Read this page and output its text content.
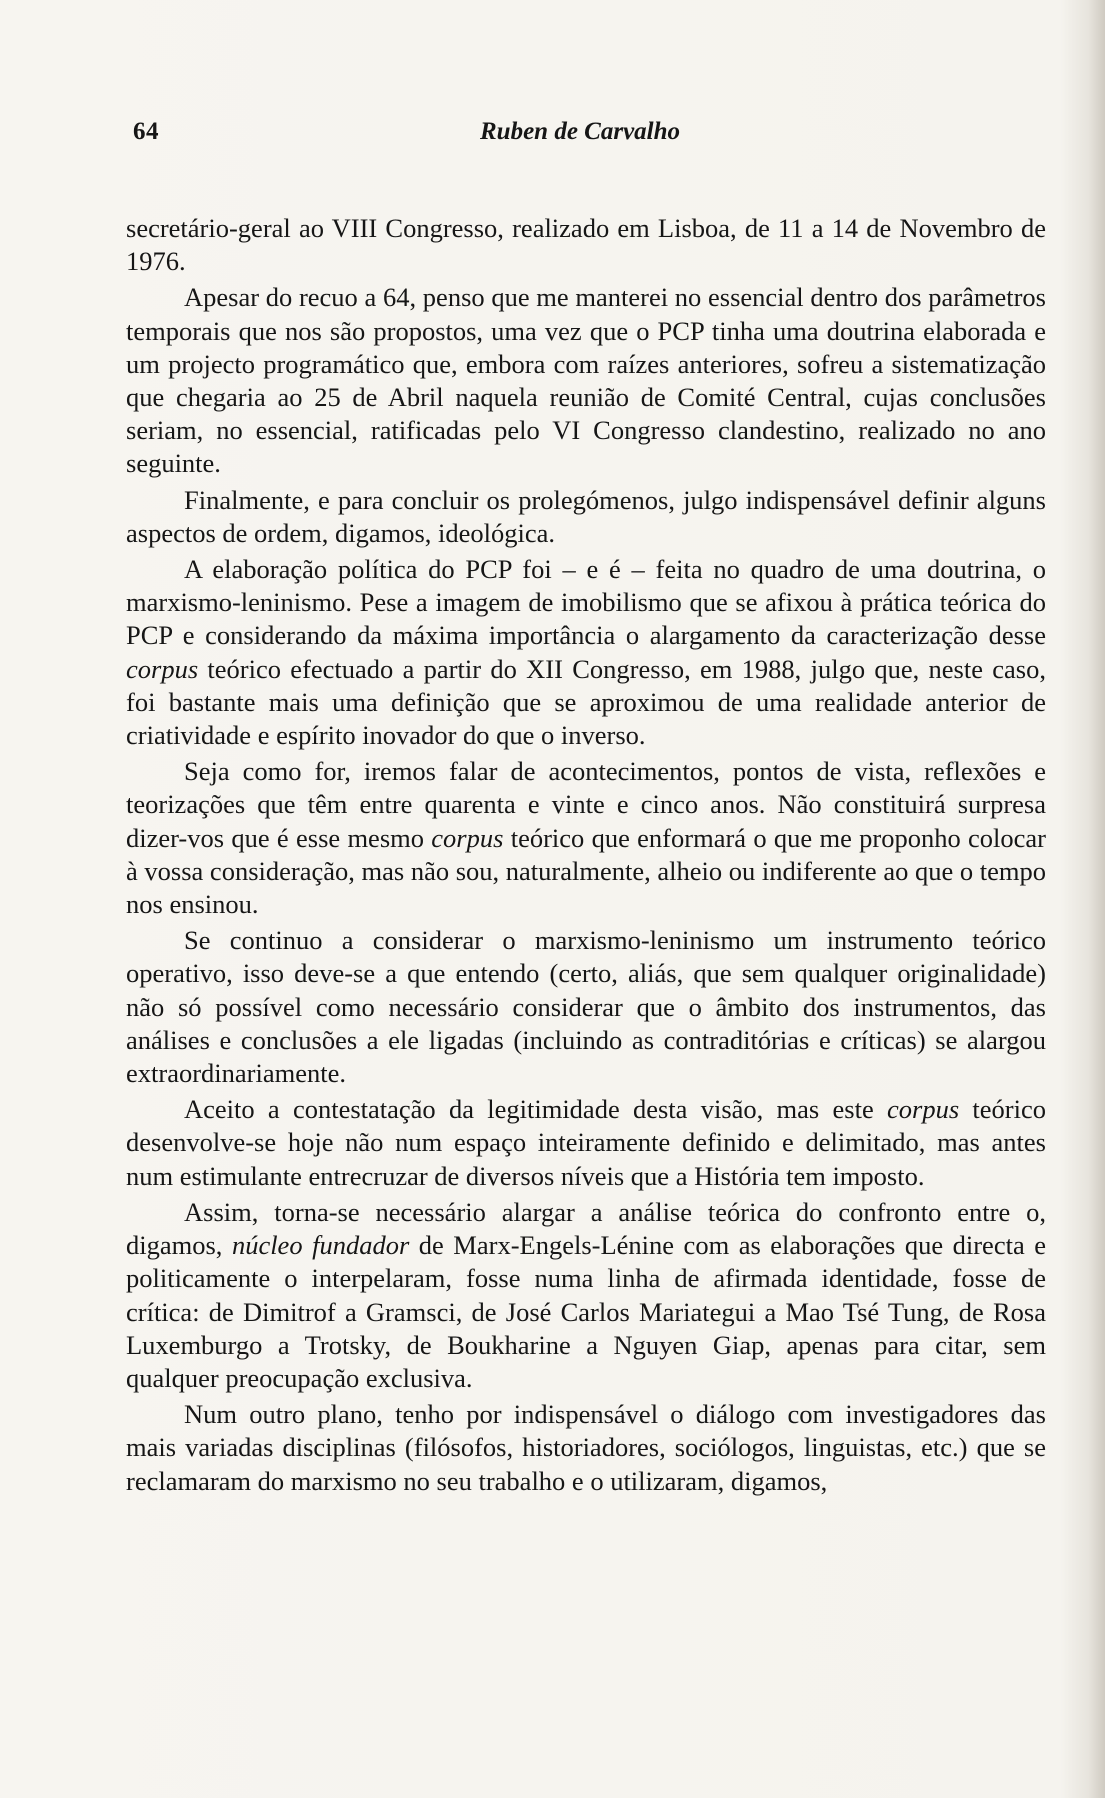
64	Ruben de Carvalho

secretário-geral ao VIII Congresso, realizado em Lisboa, de 11 a 14 de Novembro de 1976.

Apesar do recuo a 64, penso que me manterei no essencial dentro dos parâmetros temporais que nos são propostos, uma vez que o PCP tinha uma doutrina elaborada e um projecto programático que, embora com raízes anteriores, sofreu a sistematização que chegaria ao 25 de Abril naquela reunião de Comité Central, cujas conclusões seriam, no essencial, ratificadas pelo VI Congresso clandestino, realizado no ano seguinte.

Finalmente, e para concluir os prolegómenos, julgo indispensável definir alguns aspectos de ordem, digamos, ideológica.

A elaboração política do PCP foi – e é – feita no quadro de uma doutrina, o marxismo-leninismo. Pese a imagem de imobilismo que se afixou à prática teórica do PCP e considerando da máxima importância o alargamento da caracterização desse corpus teórico efectuado a partir do XII Congresso, em 1988, julgo que, neste caso, foi bastante mais uma definição que se aproximou de uma realidade anterior de criatividade e espírito inovador do que o inverso.

Seja como for, iremos falar de acontecimentos, pontos de vista, reflexões e teorizações que têm entre quarenta e vinte e cinco anos. Não constituirá surpresa dizer-vos que é esse mesmo corpus teórico que enformará o que me proponho colocar à vossa consideração, mas não sou, naturalmente, alheio ou indiferente ao que o tempo nos ensinou.

Se continuo a considerar o marxismo-leninismo um instrumento teórico operativo, isso deve-se a que entendo (certo, aliás, que sem qualquer originalidade) não só possível como necessário considerar que o âmbito dos instrumentos, das análises e conclusões a ele ligadas (incluindo as contraditórias e críticas) se alargou extraordinariamente.

Aceito a contestatação da legitimidade desta visão, mas este corpus teórico desenvolve-se hoje não num espaço inteiramente definido e delimitado, mas antes num estimulante entrecruzar de diversos níveis que a História tem imposto.

Assim, torna-se necessário alargar a análise teórica do confronto entre o, digamos, núcleo fundador de Marx-Engels-Lénine com as elaborações que directa e politicamente o interpelaram, fosse numa linha de afirmada identidade, fosse de crítica: de Dimitrof a Gramsci, de José Carlos Mariategui a Mao Tsé Tung, de Rosa Luxemburgo a Trotsky, de Boukharine a Nguyen Giap, apenas para citar, sem qualquer preocupação exclusiva.

Num outro plano, tenho por indispensável o diálogo com investigadores das mais variadas disciplinas (filósofos, historiadores, sociólogos, linguistas, etc.) que se reclamaram do marxismo no seu trabalho e o utilizaram, digamos,
